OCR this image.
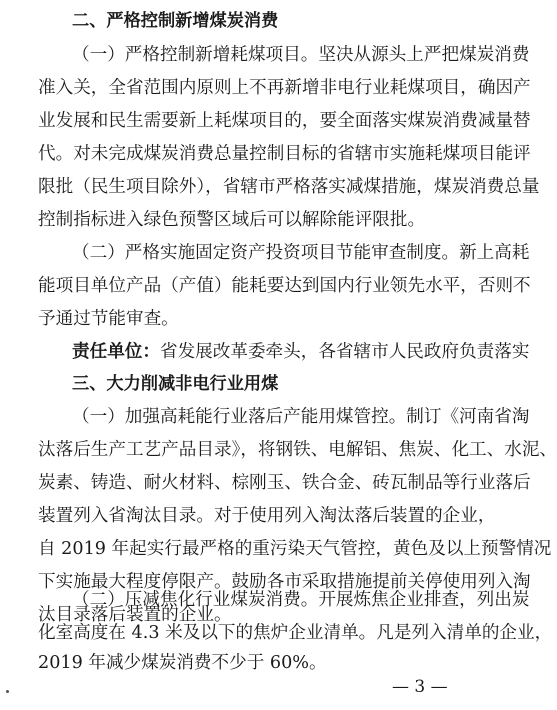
二、严格控制新增煤炭消费
（一）严格控制新增耗煤项目。坚决从源头上严把煤炭消费
准入关，全省范围内原则上不再新增非电行业耗煤项目，确因产
业发展和民生需要新上耗煤项目的，要全面落实煤炭消费减量替
代。对未完成煤炭消费总量控制目标的省辖市实施耗煤项目能评
限批（民生项目除外），省辖市严格落实减煤措施，煤炭消费总量
控制指标进入绿色预警区域后可以解除能评限批。
（二）严格实施固定资产投资项目节能审查制度。新上高耗
能项目单位产品（产值）能耗要达到国内行业领先水平，否则不
予通过节能审查。
责任单位：省发展改革委牵头，各省辖市人民政府负责落实
三、大力削减非电行业用煤
（一）加强高耗能行业落后产能用煤管控。制订《河南省淘
汰落后生产工艺产品目录》，将钢铁、电解铝、焦炭、化工、水泥、
炭素、铸造、耐火材料、棕刚玉、铁合金、砖瓦制品等行业落后
装置列入省淘汰目录。对于使用列入淘汰落后装置的企业，
自 2019 年起实行最严格的重污染天气管控，黄色及以上预警情况
下实施最大程度停限产。鼓励各市采取措施提前关停使用列入淘
汰目录落后装置的企业。
（二）压减焦化行业煤炭消费。开展炼焦企业排查，列出炭
化室高度在 4.3 米及以下的焦炉企业清单。凡是列入清单的企业，
2019 年减少煤炭消费不少于 60%。
— 3 —
